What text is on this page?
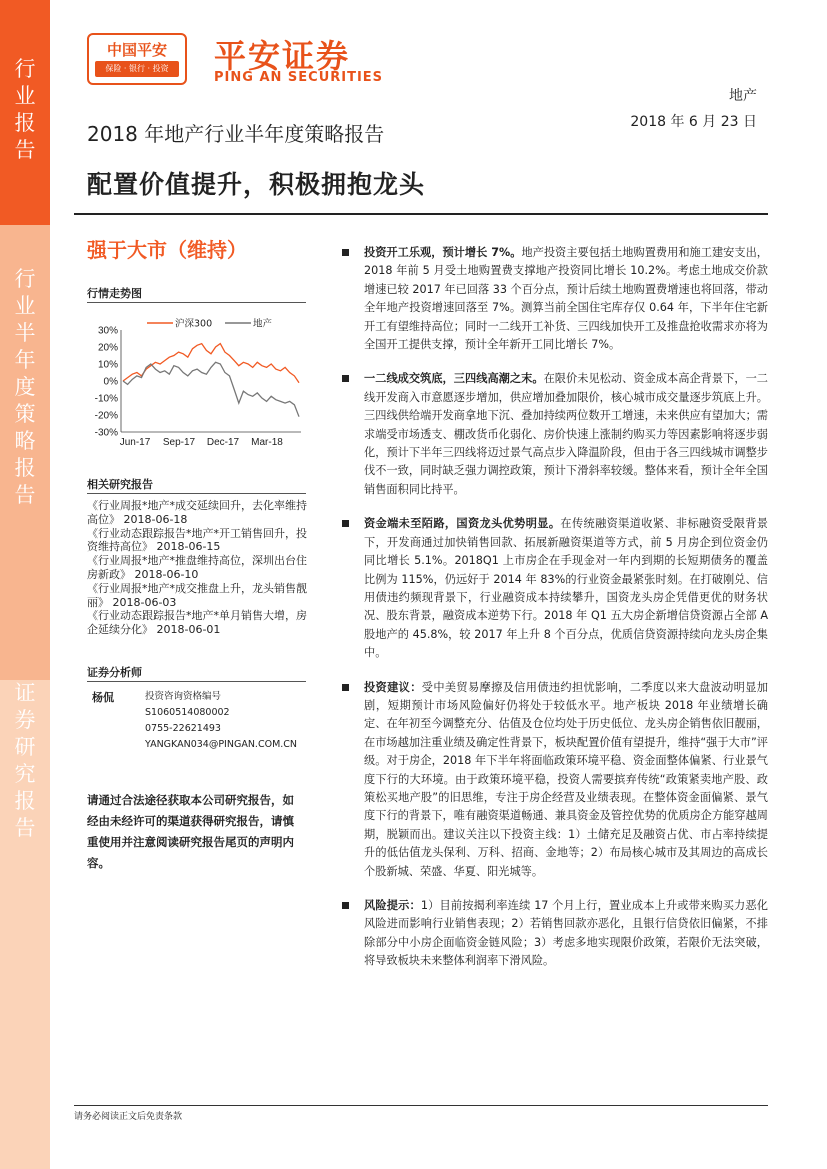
行业报告
行业半年度策略报告
证券研究报告
中国平安
保险 · 银行 · 投资	平安证券
PING AN SECURITIES
地产
2018 年 6 月 23 日
2018 年地产行业半年度策略报告
配置价值提升，积极拥抱龙头
强于大市（维持）
行情走势图
30%
20%
10%
0%
-10%
-20%
-30%
Jun-17 Sep-17 Dec-17 Mar-18
沪深300	地产
相关研究报告

《行业周报*地产*成交延续回升，去化率维持高位》 2018-06-18

《行业动态跟踪报告*地产*开工销售回升，投资维持高位》 2018-06-15

《行业周报*地产*推盘维持高位，深圳出台住房新政》 2018-06-10

《行业周报*地产*成交推盘上升，龙头销售靓丽》 2018-06-03

《行业动态跟踪报告*地产*单月销售大增，房企延续分化》 2018-06-01

证券分析师
杨侃	投资咨询资格编号

S1060514080002

0755-22621493

YANGKAN034@PINGAN.COM.CN

请通过合法途径获取本公司研究报告，如经由未经许可的渠道获得研究报告，请慎重使用并注意阅读研究报告尾页的声明内容。

投资开工乐观，预计增长 7%。地产投资主要包括土地购置费用和施工建安支出，2018 年前 5 月受土地购置费支撑地产投资同比增长 10.2%。考虑土地成交价款增速已较 2017 年已回落 33 个百分点，预计后续土地购置费增速也将回落，带动全年地产投资增速回落至 7%。测算当前全国住宅库存仅 0.64 年，下半年住宅新开工有望维持高位；同时一二线开工补货、三四线加快开工及推盘抢收需求亦将为全国开工提供支撑，预计全年新开工同比增长 7%。

一二线成交筑底，三四线高潮之末。在限价未见松动、资金成本高企背景下，一二线开发商入市意愿逐步增加，供应增加叠加限价，核心城市成交量逐步筑底上升。三四线供给端开发商拿地下沉、叠加持续两位数开工增速，未来供应有望加大；需求端受市场透支、棚改货币化弱化、房价快速上涨制约购买力等因素影响将逐步弱化，预计下半年三四线将迈过景气高点步入降温阶段，但由于各三四线城市调整步伐不一致，同时缺乏强力调控政策，预计下滑斜率较缓。整体来看，预计全年全国销售面积同比持平。

资金端未至陌路，国资龙头优势明显。在传统融资渠道收紧、非标融资受限背景下，开发商通过加快销售回款、拓展新融资渠道等方式，前 5 月房企到位资金仍同比增长 5.1%。2018Q1 上市房企在手现金对一年内到期的长短期债务的覆盖比例为 115%，仍远好于 2014 年 83%的行业资金最紧张时刻。在打破刚兑、信用债违约频现背景下，行业融资成本持续攀升，国资龙头房企凭借更优的财务状况、股东背景，融资成本逆势下行。2018 年 Q1 五大房企新增信贷资源占全部 A 股地产的 45.8%，较 2017 年上升 8 个百分点，优质信贷资源持续向龙头房企集中。

投资建议：受中美贸易摩擦及信用债违约担忧影响，二季度以来大盘波动明显加剧，短期预计市场风险偏好仍将处于较低水平。地产板块 2018 年业绩增长确定、在年初至今调整充分、估值及仓位均处于历史低位、龙头房企销售依旧靓丽，在市场越加注重业绩及确定性背景下，板块配置价值有望提升，维持“强于大市”评级。对于房企，2018 年下半年将面临政策环境平稳、资金面整体偏紧、行业景气度下行的大环境。由于政策环境平稳，投资人需要摈弃传统“政策紧卖地产股、政策松买地产股”的旧思维，专注于房企经营及业绩表现。在整体资金面偏紧、景气度下行的背景下，唯有融资渠道畅通、兼具资金及管控优势的优质房企方能穿越周期，脱颖而出。建议关注以下投资主线：1）土储充足及融资占优、市占率持续提升的低估值龙头保利、万科、招商、金地等；2）布局核心城市及其周边的高成长个股新城、荣盛、华夏、阳光城等。

风险提示：1）目前按揭利率连续 17 个月上行，置业成本上升或带来购买力恶化风险进而影响行业销售表现；2）若销售回款亦恶化，且银行信贷依旧偏紧，不排除部分中小房企面临资金链风险；3）考虑多地实现限价政策，若限价无法突破，将导致板块未来整体利润率下滑风险。

请务必阅读正文后免责条款
